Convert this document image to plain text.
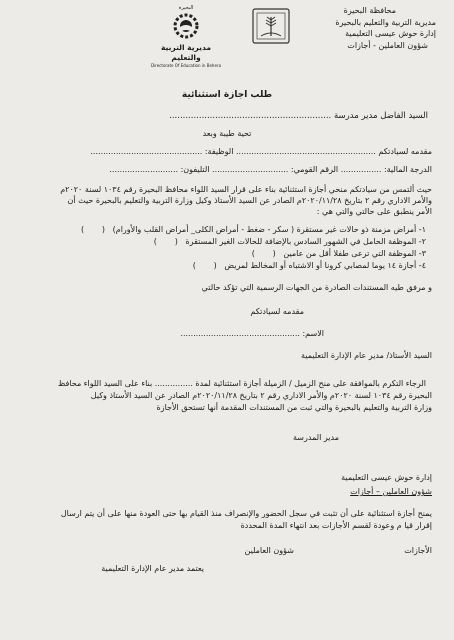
محافظة البحيرة
مديرية التربية والتعليم بالبحيرة
إدارة حوش عيسى التعليمية
شؤون العاملين - أجازات
البحيرة
مديرية التربية والتعليم
Directorate Of Education in Behera
طلب أجازة استثنائية
السيد الفاضل مدير مدرسة ............................................................
تحية طيبة وبعد
مقدمه لسيادتكم ....................................................... الوظيفة: ............................................
الدرجة المالية: ................ الرقم القومي: .............................. التليفون: ...........................
حيث ألتمس من سيادتكم منحي أجازة استثنائية بناء على قرار السيد اللواء محافظ البحيرة رقم ١٠٣٤ لسنة ٢٠٢٠م
والأمر الاداري رقم ٢ بتاريخ ٢٠٢٠/١١/٢٨م الصادر عن السيد الأستاذ وكيل وزارة التربية والتعليم بالبحيرة حيث أن
الأمر ينطبق على حالتي والتي هي :
١- أمراض مزمنة ذو حالات غير مستقرة ( سكر - ضغط - أمراض الكلى_ أمراض القلب والأورام)   (       )
٢- الموظفة الحامل في الشهور السادس بالإضافة للحالات الغير المستقرة   (       )
٣- الموظفة التي ترعى طفلا أقل من عامين   (       )
٤- أجازة ١٤ يوما لمصابي كرونا أو الاشتباه أو المخالط لمريض   (       )
و مرفق طيه المستندات الصادرة من الجهات الرسمية التي تؤكد حالتي
مقدمه لسيادتكم
الاسم: ...............................................
السيد الأستاذ/ مدير عام الإدارة التعليمية
الرجاء التكرم بالموافقة على منح الزميل / الزميلة أجازة استثنائية لمدة ............... بناء على السيد اللواء محافظ
البحيرة رقم ١٠٣٤ لسنة ٢٠٢٠م والأمر الاداري رقم ٢ بتاريخ ٢٠٢٠/١١/٢٨م الصادر عن السيد الأستاذ وكيل
وزارة التربية والتعليم بالبحيرة والتي ثبت من المستندات المقدمة أنها تستحق الأجازة
مدير المدرسة
إدارة حوش عيسى التعليمية
شؤون العاملين – أجازات
يمنح أجازة استثنائية على أن تثبت في سجل الحضور والإنصراف منذ القيام بها حتى العودة منها على أن يتم ارسال
إقرار قيا م وعودة لقسم الأجازات بعد انتهاء المدة المحددة
الأجازات
شؤون العاملين
يعتمد مدير عام الإدارة التعليمية
